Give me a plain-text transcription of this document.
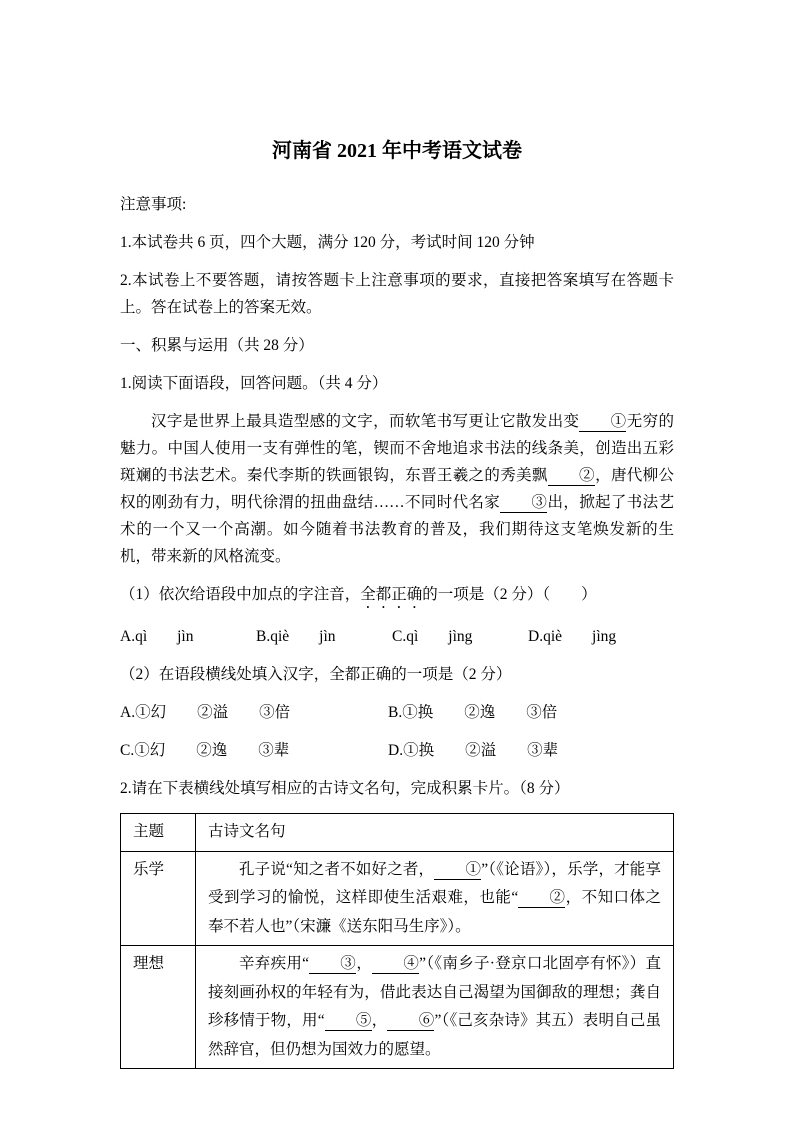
河南省 2021 年中考语文试卷

注意事项:

1.本试卷共 6 页，四个大题，满分 120 分，考试时间 120 分钟

2.本试卷上不要答题，请按答题卡上注意事项的要求，直接把答案填写在答题卡上。答在试卷上的答案无效。

一、积累与运用（共 28 分）

1.阅读下面语段，回答问题。（共 4 分）

汉字是世界上最具造型感的文字，而软笔书写更让它散发出变 ①无穷的魅力。中国人使用一支有弹性的笔，锲而不舍地追求书法的线条美，创造出五彩斑斓的书法艺术。秦代李斯的铁画银钩，东晋王羲之的秀美飘 ②，唐代柳公权的刚劲有力，明代徐渭的扭曲盘结……不同时代名家 ③出，掀起了书法艺术的一个又一个高潮。如今随着书法教育的普及，我们期待这支笔焕发新的生机，带来新的风格流变。

（1）依次给语段中加点的字注音，全都正确的一项是（2 分）（　　）

A.qì jìn	B.qiè jìn	C.qì jìng	D.qiè jìng

（2）在语段横线处填入汉字，全都正确的一项是（2 分）

A.①幻　　②溢　　③倍	B.①换　　②逸　　③倍
C.①幻　　②逸　　③辈	D.①换　　②溢　　③辈

2.请在下表横线处填写相应的古诗文名句，完成积累卡片。（8 分）

主题	古诗文名句
乐学	孔子说“知之者不如好之者， ①”（《论语》），乐学，才能享受到学习的愉悦，这样即使生活艰难，也能“ ②，不知口体之奉不若人也”（宋濂《送东阳马生序》）。

理想	辛弃疾用“ ③， ④”（《南乡子·登京口北固亭有怀》）直接刻画孙权的年轻有为，借此表达自己渴望为国御敌的理想；龚自珍移情于物，用“ ⑤， ⑥”（《己亥杂诗》其五）表明自己虽然辞官，但仍想为国效力的愿望。
